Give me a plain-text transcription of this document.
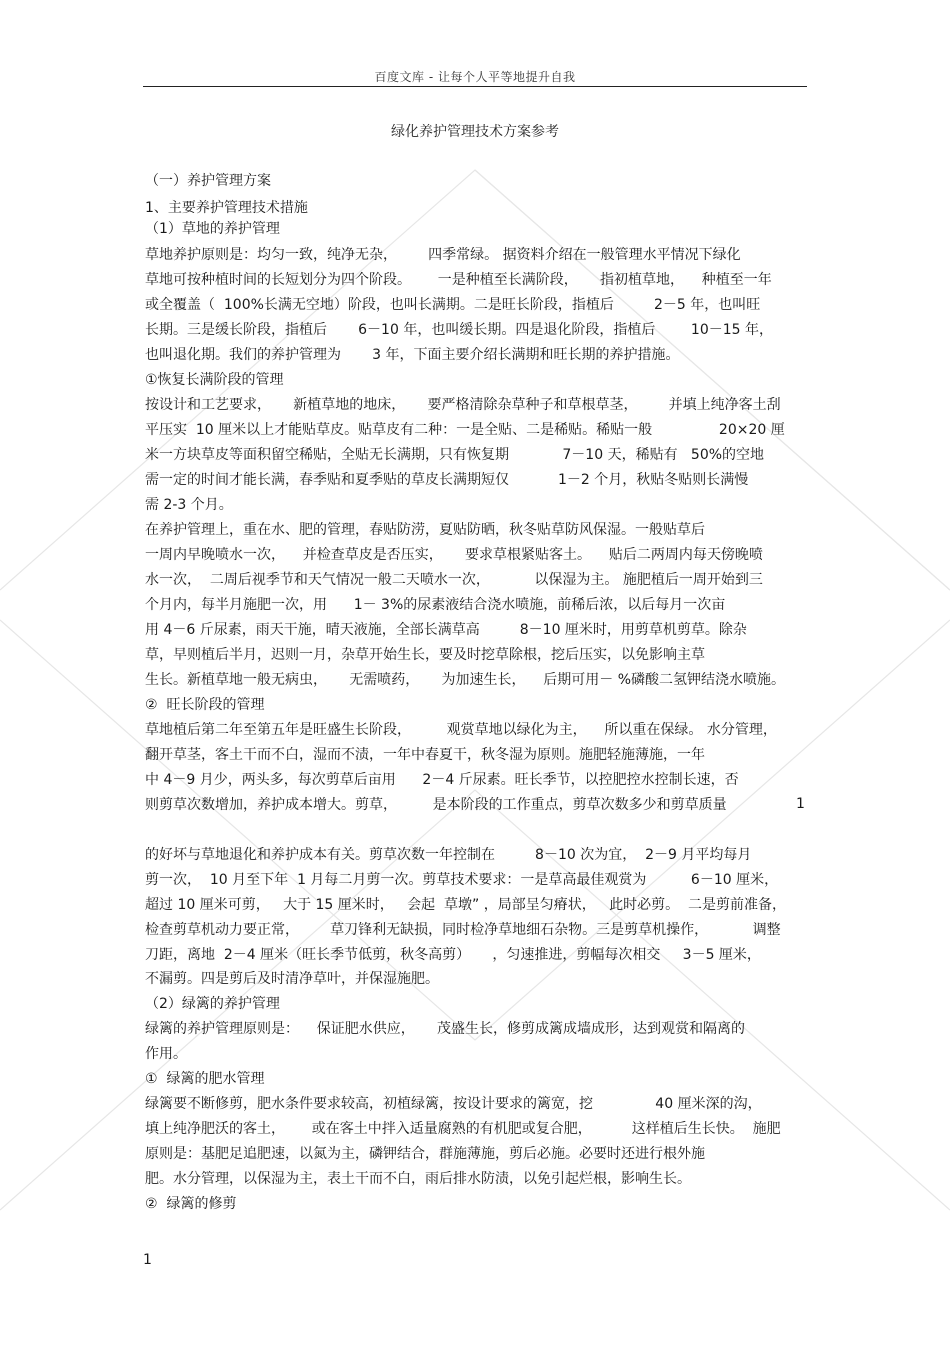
百度文库 - 让每个人平等地提升自我
绿化养护管理技术方案参考
（一）养护管理方案
1、主要养护管理技术措施
（1）草地的养护管理
草地养护原则是：均匀一致，纯净无杂，       四季常绿。 据资料介绍在一般管理水平情况下绿化
草地可按种植时间的长短划分为四个阶段。      一是种植至长满阶段，     指初植草地，    种植至一年
或全覆盖（  100%长满无空地）阶段，也叫长满期。二是旺长阶段，指植后         2－5 年，也叫旺
长期。三是缓长阶段，指植后       6－10 年，也叫缓长期。四是退化阶段，指植后        10－15 年，
也叫退化期。我们的养护管理为       3 年，下面主要介绍长满期和旺长期的养护措施。
①恢复长满阶段的管理
按设计和工艺要求，     新植草地的地床，     要严格清除杂草种子和草根草茎，       并填上纯净客土刮
平压实  10 厘米以上才能贴草皮。贴草皮有二种：一是全贴、二是稀贴。稀贴一般               20×20 厘
米一方块草皮等面积留空稀贴，全贴无长满期，只有恢复期            7－10 天，稀贴有   50%的空地
需一定的时间才能长满，春季贴和夏季贴的草皮长满期短仅           1－2 个月，秋贴冬贴则长满慢
需 2-3 个月。
在养护管理上，重在水、肥的管理，春贴防涝，夏贴防晒，秋冬贴草防风保湿。一般贴草后
一周内早晚喷水一次，    并检查草皮是否压实，     要求草根紧贴客土。    贴后二两周内每天傍晚喷
水一次，  二周后视季节和天气情况一般二天喷水一次，          以保湿为主。 施肥植后一周开始到三
个月内，每半月施肥一次，用      1－ 3%的尿素液结合浇水喷施，前稀后浓，以后每月一次亩
用 4－6 斤尿素，雨天干施，晴天液施，全部长满草高         8－10 厘米时，用剪草机剪草。除杂
草，早则植后半月，迟则一月，杂草开始生长，要及时挖草除根，挖后压实，以免影响主草
生长。新植草地一般无病虫，     无需喷药，     为加速生长，    后期可用－ %磷酸二氢钾结浇水喷施。
②  旺长阶段的管理
草地植后第二年至第五年是旺盛生长阶段，        观赏草地以绿化为主，    所以重在保绿。 水分管理，
翻开草茎，客土干而不白，湿而不渍，一年中春夏干，秋冬湿为原则。施肥轻施薄施，一年
中 4－9 月少，两头多，每次剪草后亩用      2－4 斤尿素。旺长季节，以控肥控水控制长速，否
则剪草次数增加，养护成本增大。剪草，        是本阶段的工作重点，剪草次数多少和剪草质量
的好坏与草地退化和养护成本有关。剪草次数一年控制在         8－10 次为宜，  2－9 月平均每月
剪一次，  10 月至下年  1 月每二月剪一次。剪草技术要求：一是草高最佳观赏为          6－10 厘米，
超过 10 厘米可剪，   大于 15 厘米时，   会起  草墩” ，局部呈匀瘠状，   此时必剪。  二是剪前准备，
检查剪草机动力要正常，       草刀锋利无缺损，同时检净草地细石杂物。三是剪草机操作，          调整
刀距，离地  2－4 厘米（旺长季节低剪，秋冬高剪）     ，匀速推进，剪幅每次相交     3－5 厘米，
不漏剪。四是剪后及时清净草叶，并保湿施肥。
（2）绿篱的养护管理
绿篱的养护管理原则是：    保证肥水供应，     茂盛生长，修剪成篱成墙成形，达到观赏和隔离的
作用。
①  绿篱的肥水管理
绿篱要不断修剪，肥水条件要求较高，初植绿篱，按设计要求的篱宽，挖              40 厘米深的沟，
填上纯净肥沃的客土，      或在客土中拌入适量腐熟的有机肥或复合肥，         这样植后生长快。  施肥
原则是：基肥足追肥速，以氮为主，磷钾结合，群施薄施，剪后必施。必要时还进行根外施
肥。水分管理，以保湿为主，表土干而不白，雨后排水防渍，以免引起烂根，影响生长。
②  绿篱的修剪
1
1
